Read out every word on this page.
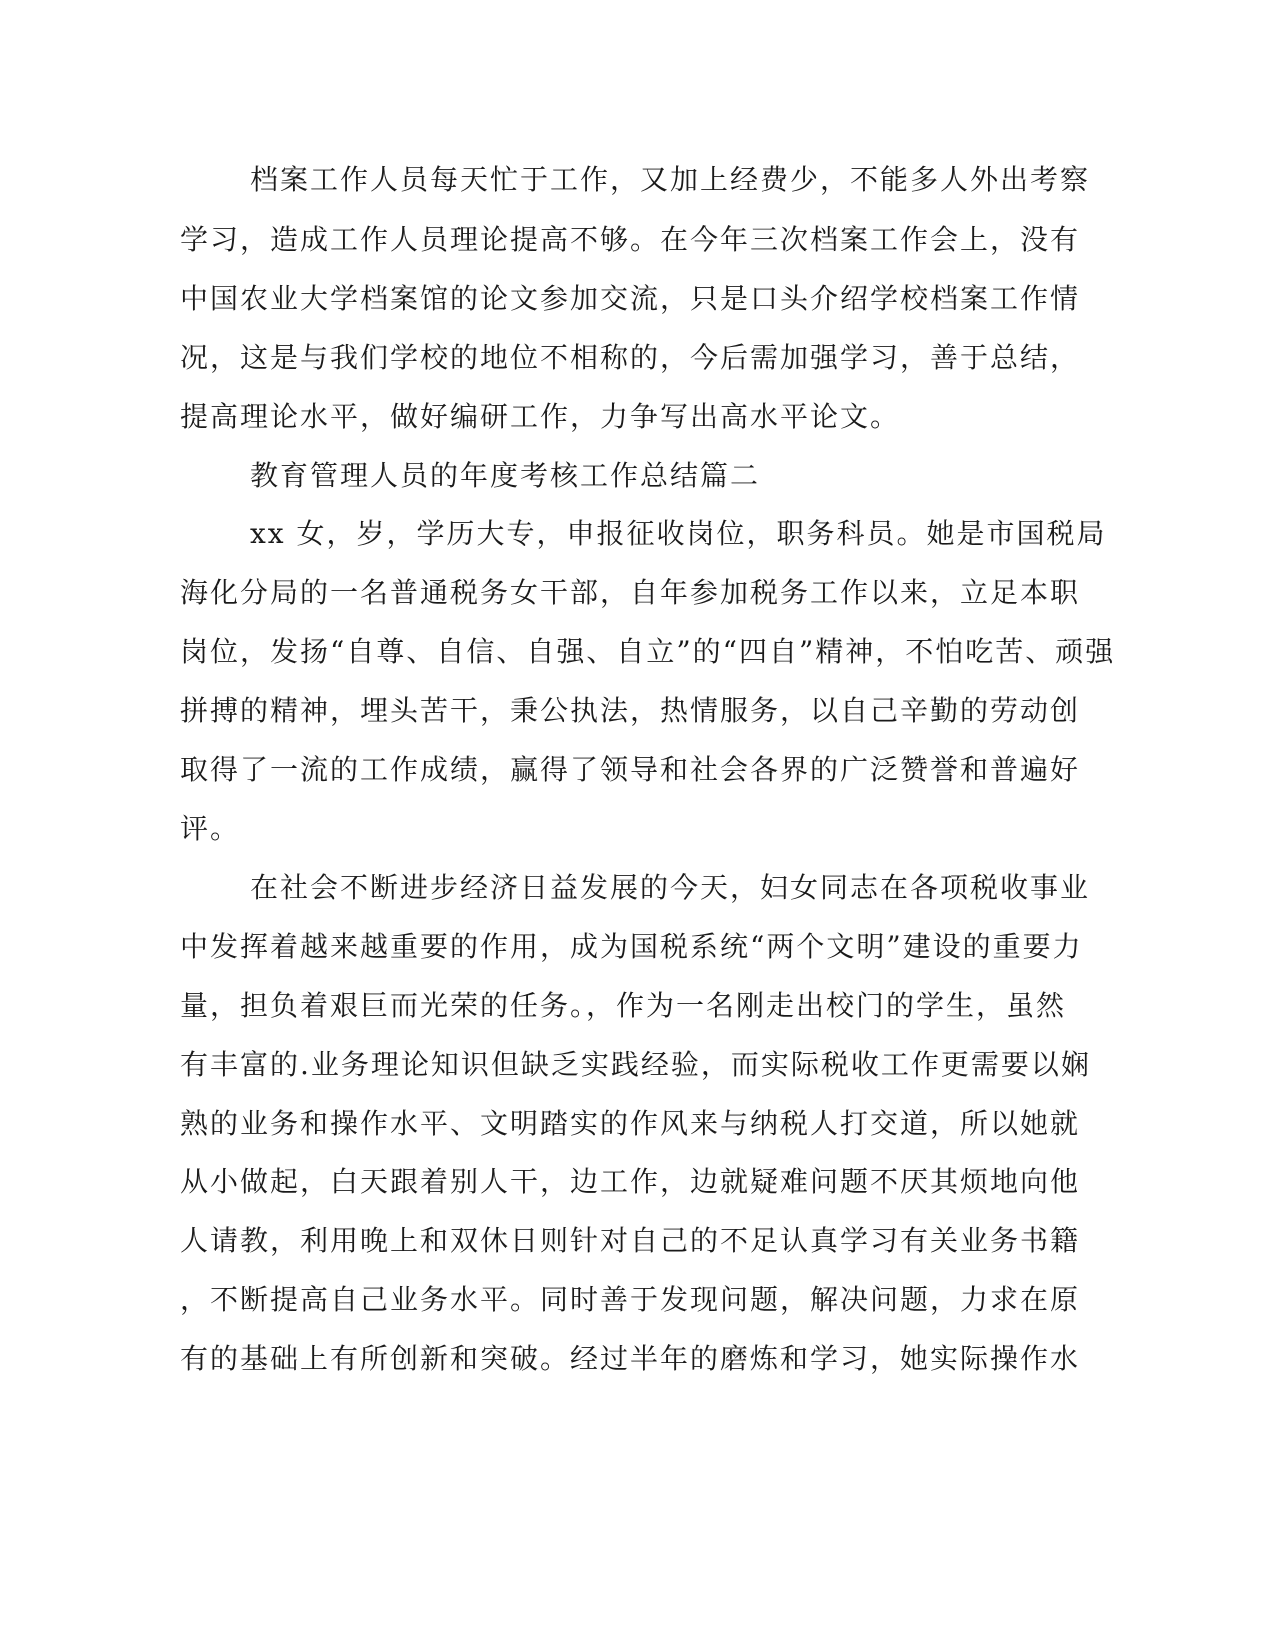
档案工作人员每天忙于工作，又加上经费少，不能多人外出考察

学习，造成工作人员理论提高不够。在今年三次档案工作会上，没有

中国农业大学档案馆的论文参加交流，只是口头介绍学校档案工作情

况，这是与我们学校的地位不相称的，今后需加强学习，善于总结，

提高理论水平，做好编研工作，力争写出高水平论文。

教育管理人员的年度考核工作总结篇二

xx 女，岁，学历大专，申报征收岗位，职务科员。她是市国税局

海化分局的一名普通税务女干部，自年参加税务工作以来，立足本职

岗位，发扬“自尊、自信、自强、自立”的“四自”精神，不怕吃苦、顽强

拼搏的精神，埋头苦干，秉公执法，热情服务，以自己辛勤的劳动创

取得了一流的工作成绩，赢得了领导和社会各界的广泛赞誉和普遍好

评。

在社会不断进步经济日益发展的今天，妇女同志在各项税收事业

中发挥着越来越重要的作用，成为国税系统“两个文明”建设的重要力

量，担负着艰巨而光荣的任务。，作为一名刚走出校门的学生，虽然

有丰富的.业务理论知识但缺乏实践经验，而实际税收工作更需要以娴

熟的业务和操作水平、文明踏实的作风来与纳税人打交道，所以她就

从小做起，白天跟着别人干，边工作，边就疑难问题不厌其烦地向他

人请教，利用晚上和双休日则针对自己的不足认真学习有关业务书籍

，不断提高自己业务水平。同时善于发现问题，解决问题，力求在原

有的基础上有所创新和突破。经过半年的磨炼和学习，她实际操作水
